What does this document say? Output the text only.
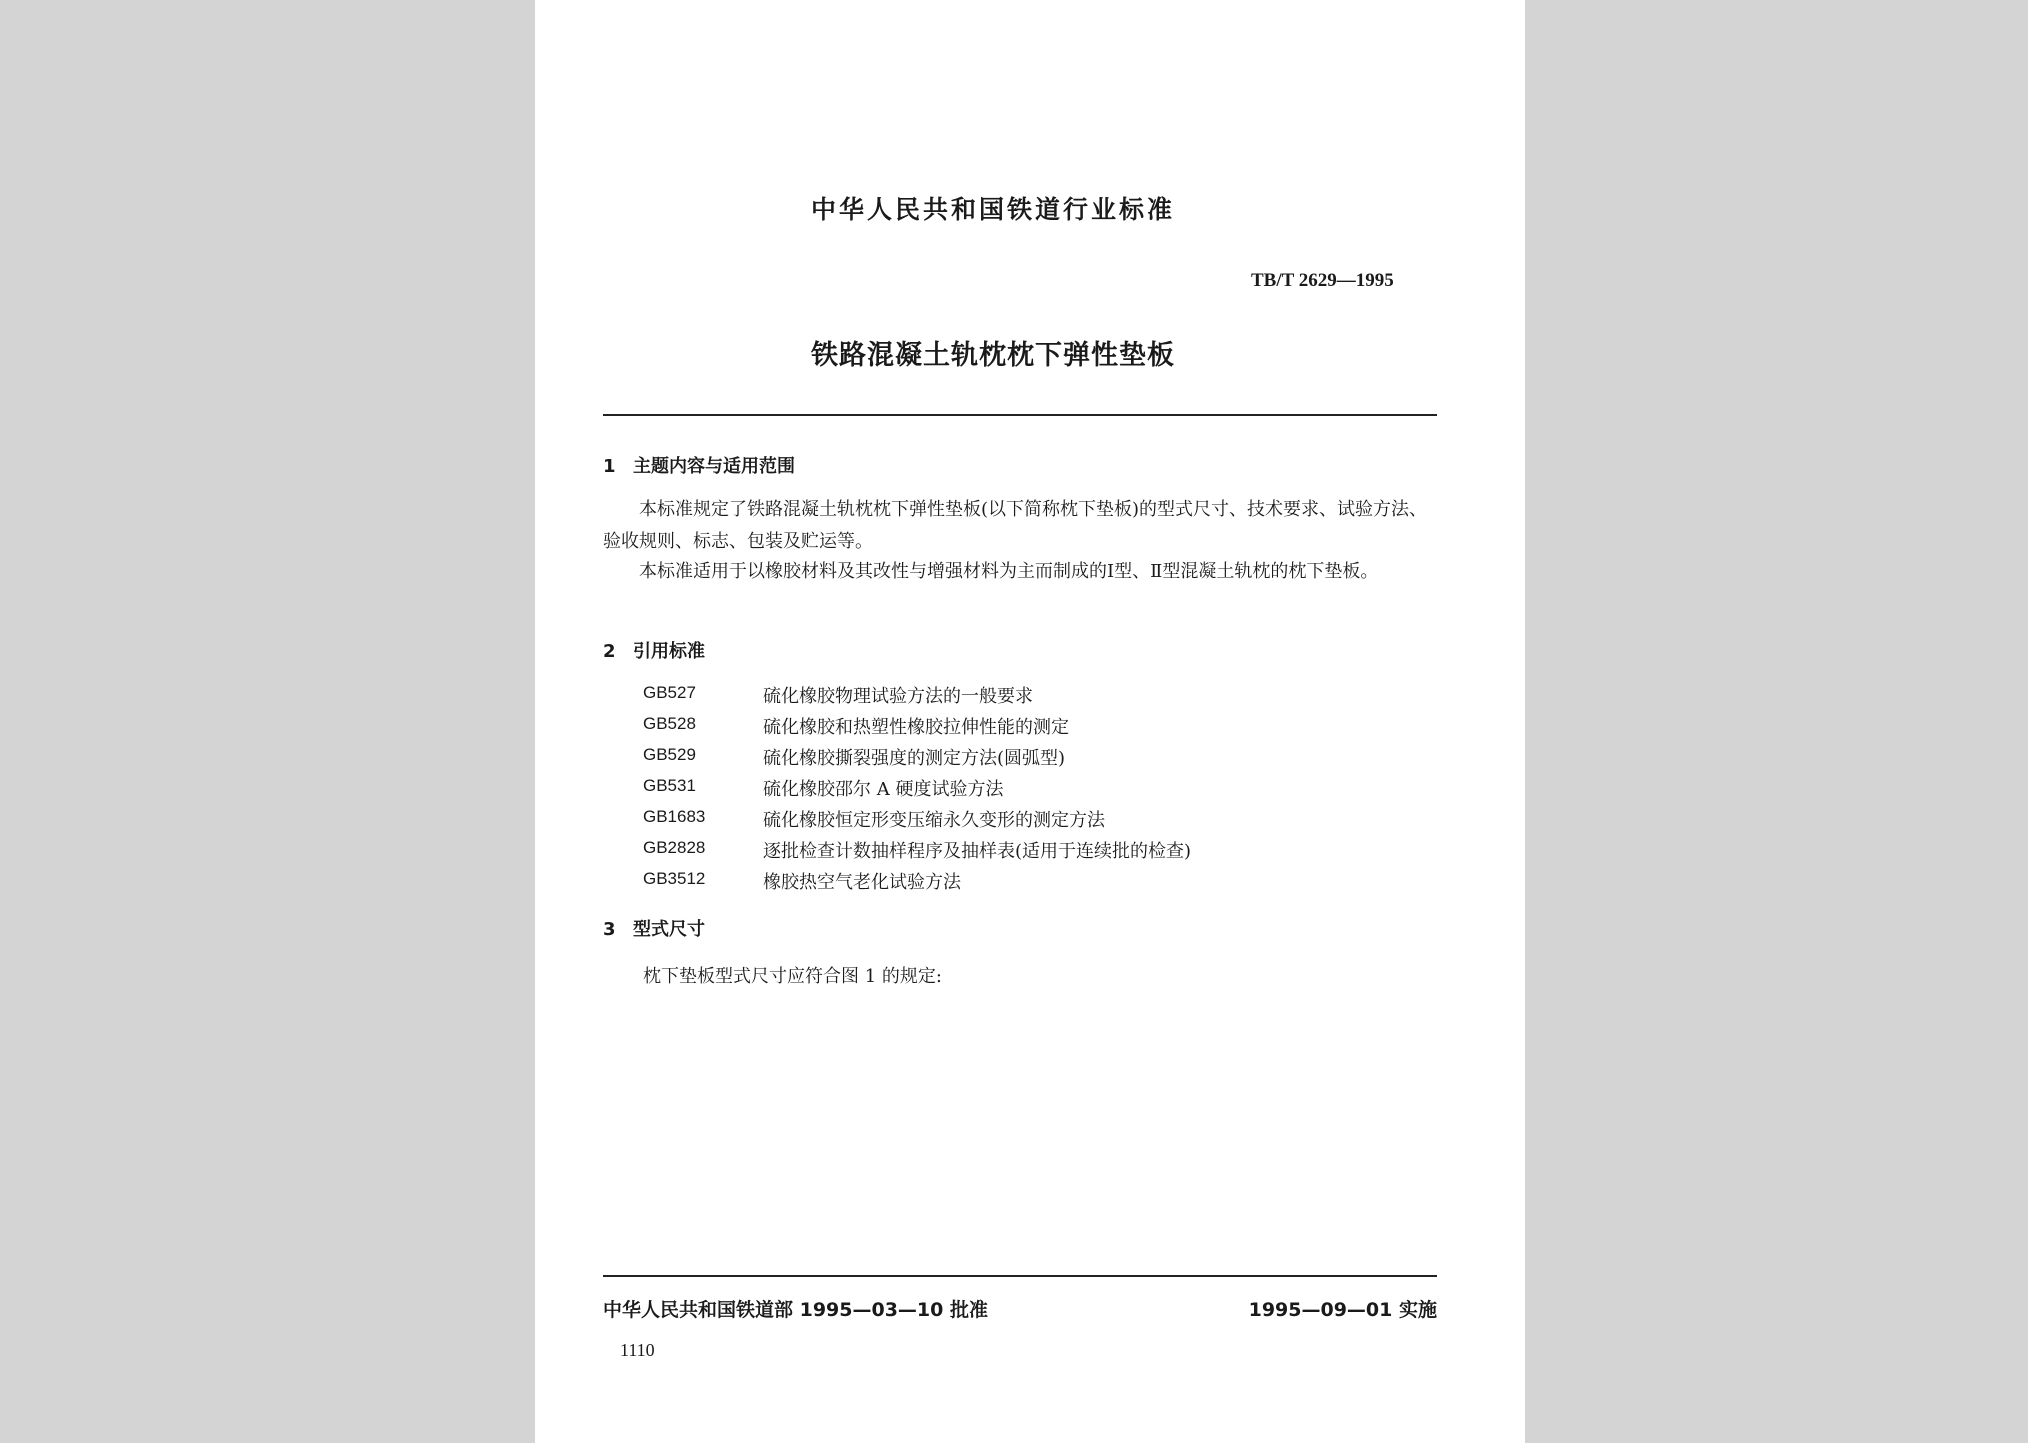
中华人民共和国铁道行业标准
TB/T 2629—1995
铁路混凝土轨枕枕下弹性垫板
1 主题内容与适用范围
本标准规定了铁路混凝土轨枕枕下弹性垫板(以下简称枕下垫板)的型式尺寸、技术要求、试验方法、验收规则、标志、包装及贮运等。
本标准适用于以橡胶材料及其改性与增强材料为主而制成的Ⅰ型、Ⅱ型混凝土轨枕的枕下垫板。
2 引用标准
GB527	硫化橡胶物理试验方法的一般要求
GB528	硫化橡胶和热塑性橡胶拉伸性能的测定
GB529	硫化橡胶撕裂强度的测定方法(圆弧型)
GB531	硫化橡胶邵尔 A 硬度试验方法
GB1683	硫化橡胶恒定形变压缩永久变形的测定方法
GB2828	逐批检查计数抽样程序及抽样表(适用于连续批的检查)
GB3512	橡胶热空气老化试验方法
3 型式尺寸
枕下垫板型式尺寸应符合图 1 的规定:
中华人民共和国铁道部 1995—03—10 批准	1995—09—01 实施
1110
